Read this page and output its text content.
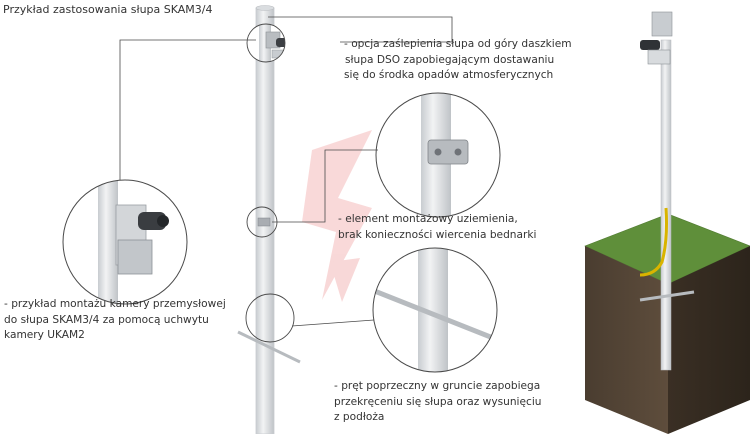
Przykład zastosowania słupa SKAM3/4
- opcja zaślepienia słupa od góry daszkiem
słupa DSO zapobiegającym dostawaniu
się do środka opadów atmosferycznych
- element montażowy uziemienia,
brak konieczności wiercenia bednarki
- przykład montażu kamery przemysłowej
do słupa SKAM3/4 za pomocą uchwytu
kamery UKAM2
- pręt poprzeczny w gruncie zapobiega
przekręceniu się słupa oraz wysunięciu
z podłoża
